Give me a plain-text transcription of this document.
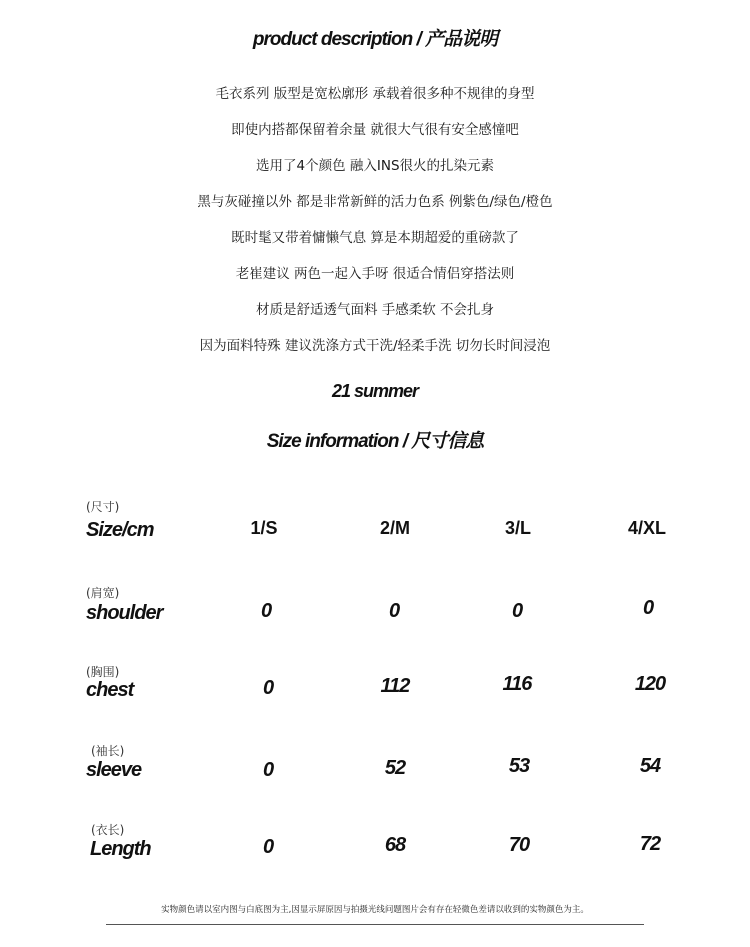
product description / 产品说明
毛衣系列 版型是宽松廓形 承载着很多种不规律的身型
即使内搭都保留着余量 就很大气很有安全感憧吧
选用了4个颜色 融入INS很火的扎染元素
黑与灰碰撞以外 都是非常新鲜的活力色系 例紫色/绿色/橙色
既时髦又带着慵懒气息 算是本期超爱的重磅款了
老崔建议 两色一起入手呀 很适合情侣穿搭法则
材质是舒适透气面料 手感柔软 不会扎身
因为面料特殊 建议洗涤方式干洗/轻柔手洗 切勿长时间浸泡
21 summer
Size information / 尺寸信息
(尺寸)
Size/cm	1/S	2/M	3/L	4/XL
(肩宽)
shoulder	0	0	0	0
(胸围)
chest	0	112	116	120
(袖长)
sleeve	0	52	53	54
(衣长)
Length	0	68	70	72
实物颜色请以室内图与白底图为主,因显示屏原因与拍摄光线问题图片会有存在轻微色差请以收到的实物颜色为主。
